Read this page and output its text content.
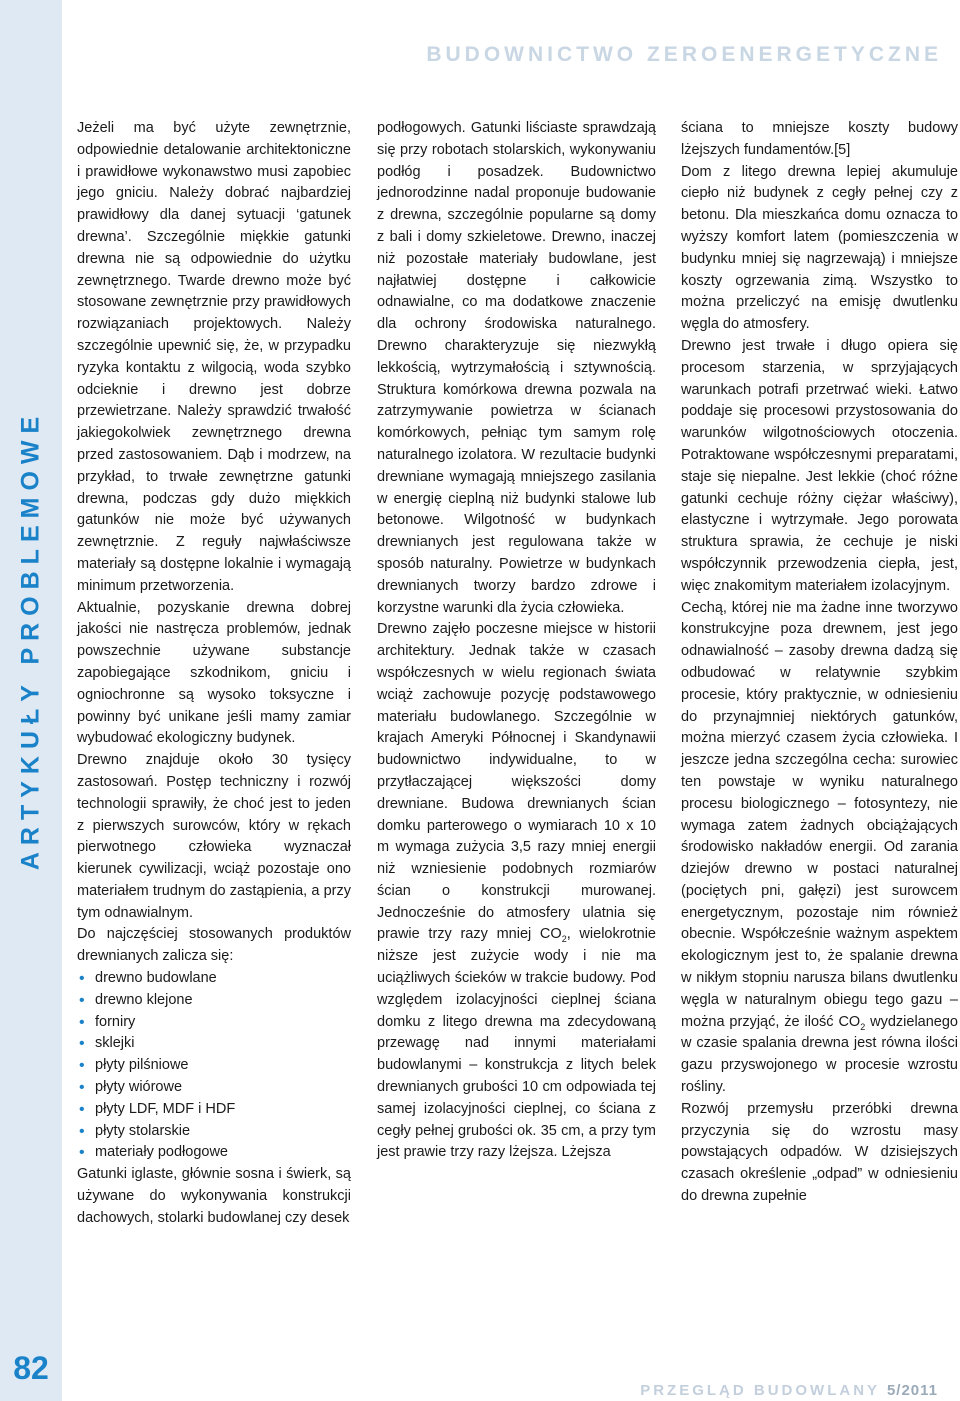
ARTYKUŁY PROBLEMOWE
82
BUDOWNICTWO ZEROENERGETYCZNE

Jeżeli ma być użyte zewnętrznie, odpowiednie detalowanie architektoniczne i prawidłowe wykonawstwo musi zapobiec jego gniciu. Należy dobrać najbardziej prawidłowy dla danej sytuacji ‘gatunek drewna’. Szczególnie miękkie gatunki drewna nie są odpowiednie do użytku zewnętrznego. Twarde drewno może być stosowane zewnętrznie przy prawidłowych rozwiązaniach projektowych. Należy szczególnie upewnić się, że, w przypadku ryzyka kontaktu z wilgocią, woda szybko odcieknie i drewno jest dobrze przewietrzane. Należy sprawdzić trwałość jakiegokolwiek zewnętrznego drewna przed zastosowaniem. Dąb i modrzew, na przykład, to trwałe zewnętrzne gatunki drewna, podczas gdy dużo miękkich gatunków nie może być używanych zewnętrznie. Z reguły najwłaściwsze materiały są dostępne lokalnie i wymagają minimum przetworzenia.

Aktualnie, pozyskanie drewna dobrej jakości nie nastręcza problemów, jednak powszechnie używane substancje zapobiegające szkodnikom, gniciu i ogniochronne są wysoko toksyczne i powinny być unikane jeśli mamy zamiar wybudować ekologiczny budynek.

Drewno znajduje około 30 tysięcy zastosowań. Postęp techniczny i rozwój technologii sprawiły, że choć jest to jeden z pierwszych surowców, który w rękach pierwotnego człowieka wyznaczał kierunek cywilizacji, wciąż pozostaje ono materiałem trudnym do zastąpienia, a przy tym odnawialnym.

Do najczęściej stosowanych produktów drewnianych zalicza się:

• drewno budowlane
• drewno klejone
• forniry
• sklejki
• płyty pilśniowe
• płyty wiórowe
• płyty LDF, MDF i HDF
• płyty stolarskie
• materiały podłogowe

Gatunki iglaste, głównie sosna i świerk, są używane do wykonywania konstrukcji dachowych, stolarki budowlanej czy desek

podłogowych. Gatunki liściaste sprawdzają się przy robotach stolarskich, wykonywaniu podłóg i posadzek. Budownictwo jednorodzinne nadal proponuje budowanie z drewna, szczególnie popularne są domy z bali i domy szkieletowe. Drewno, inaczej niż pozostałe materiały budowlane, jest najłatwiej dostępne i całkowicie odnawialne, co ma dodatkowe znaczenie dla ochrony środowiska naturalnego. Drewno charakteryzuje się niezwykłą lekkością, wytrzymałością i sztywnością. Struktura komórkowa drewna pozwala na zatrzymywanie powietrza w ścianach komórkowych, pełniąc tym samym rolę naturalnego izolatora. W rezultacie budynki drewniane wymagają mniejszego zasilania w energię cieplną niż budynki stalowe lub betonowe. Wilgotność w budynkach drewnianych jest regulowana także w sposób naturalny. Powietrze w budynkach drewnianych tworzy bardzo zdrowe i korzystne warunki dla życia człowieka.

Drewno zajęło poczesne miejsce w historii architektury. Jednak także w czasach współczesnych w wielu regionach świata wciąż zachowuje pozycję podstawowego materiału budowlanego. Szczególnie w krajach Ameryki Północnej i Skandynawii budownictwo indywidualne, to w przytłaczającej większości domy drewniane. Budowa drewnianych ścian domku parterowego o wymiarach 10 x 10 m wymaga zużycia 3,5 razy mniej energii niż wzniesienie podobnych rozmiarów ścian o konstrukcji murowanej. Jednocześnie do atmosfery ulatnia się prawie trzy razy mniej $CO_2$, wielokrotnie niższe jest zużycie wody i nie ma uciążliwych ścieków w trakcie budowy. Pod względem izolacyjności cieplnej ściana domku z litego drewna ma zdecydowaną przewagę nad innymi materiałami budowlanymi – konstrukcja z litych belek drewnianych grubości 10 cm odpowiada tej samej izolacyjności cieplnej, co ściana z cegły pełnej grubości ok. 35 cm, a przy tym jest prawie trzy razy lżejsza. Lżejsza

ściana to mniejsze koszty budowy lżejszych fundamentów.[5]

Dom z litego drewna lepiej akumuluje ciepło niż budynek z cegły pełnej czy z betonu. Dla mieszkańca domu oznacza to wyższy komfort latem (pomieszczenia w budynku mniej się nagrzewają) i mniejsze koszty ogrzewania zimą. Wszystko to można przeliczyć na emisję dwutlenku węgla do atmosfery.

Drewno jest trwałe i długo opiera się procesom starzenia, w sprzyjających warunkach potrafi przetrwać wieki. Łatwo poddaje się procesowi przystosowania do warunków wilgotnościowych otoczenia. Potraktowane współczesnymi preparatami, staje się niepalne. Jest lekkie (choć różne gatunki cechuje różny ciężar właściwy), elastyczne i wytrzymałe. Jego porowata struktura sprawia, że cechuje je niski współczynnik przewodzenia ciepła, jest, więc znakomitym materiałem izolacyjnym.

Cechą, której nie ma żadne inne tworzywo konstrukcyjne poza drewnem, jest jego odnawialność – zasoby drewna dadzą się odbudować w relatywnie szybkim procesie, który praktycznie, w odniesieniu do przynajmniej niektórych gatunków, można mierzyć czasem życia człowieka. I jeszcze jedna szczególna cecha: surowiec ten powstaje w wyniku naturalnego procesu biologicznego – fotosyntezy, nie wymaga zatem żadnych obciążających środowisko nakładów energii. Od zarania dziejów drewno w postaci naturalnej (pociętych pni, gałęzi) jest surowcem energetycznym, pozostaje nim również obecnie. Współcześnie ważnym aspektem ekologicznym jest to, że spalanie drewna w nikłym stopniu narusza bilans dwutlenku węgla w naturalnym obiegu tego gazu – można przyjąć, że ilość $CO_2$ wydzielanego w czasie spalania drewna jest równa ilości gazu przyswojonego w procesie wzrostu rośliny.

Rozwój przemysłu przeróbki drewna przyczynia się do wzrostu masy powstających odpadów. W dzisiejszych czasach określenie „odpad” w odniesieniu do drewna zupełnie

PRZEGLĄD BUDOWLANY 5/2011
